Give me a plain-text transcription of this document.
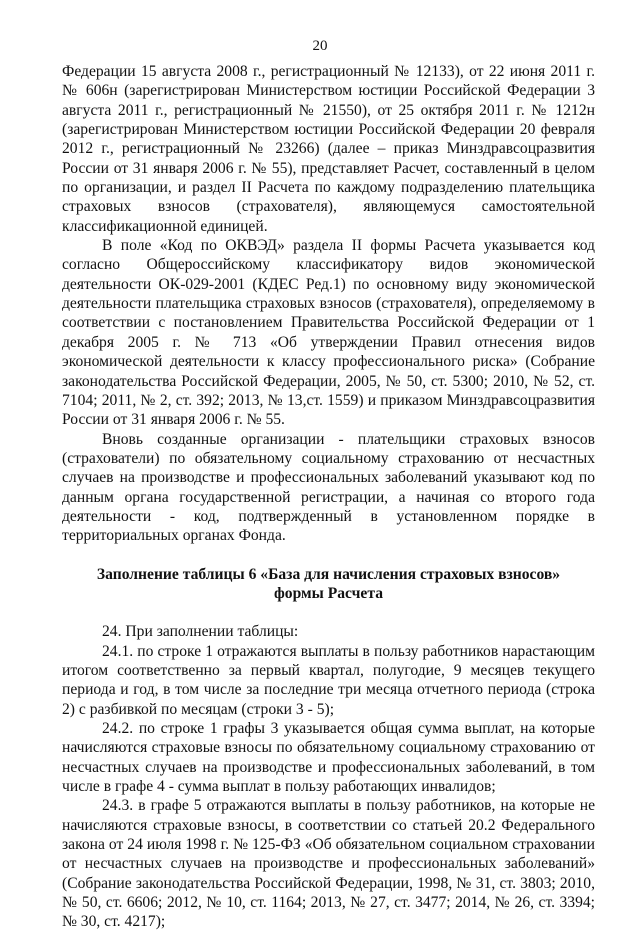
20

Федерации 15 августа 2008 г., регистрационный № 12133), от 22 июня 2011 г. № 606н (зарегистрирован Министерством юстиции Российской Федерации 3 августа 2011 г., регистрационный № 21550), от 25 октября 2011 г. № 1212н (зарегистрирован Министерством юстиции Российской Федерации 20 февраля 2012 г., регистрационный № 23266) (далее – приказ Минздравсоцразвития России от 31 января 2006 г. № 55), представляет Расчет, составленный в целом по организации, и раздел II Расчета по каждому подразделению плательщика страховых взносов (страхователя), являющемуся самостоятельной классификационной единицей.

В поле «Код по ОКВЭД» раздела II формы Расчета указывается код согласно Общероссийскому классификатору видов экономической деятельности ОК-029-2001 (КДЕС Ред.1) по основному виду экономической деятельности плательщика страховых взносов (страхователя), определяемому в соответствии с постановлением Правительства Российской Федерации от 1 декабря 2005 г. № 713 «Об утверждении Правил отнесения видов экономической деятельности к классу профессионального риска» (Собрание законодательства Российской Федерации, 2005, № 50, ст. 5300; 2010, № 52, ст. 7104; 2011, № 2, ст. 392; 2013, № 13,ст. 1559) и приказом Минздравсоцразвития России от 31 января 2006 г. № 55.

Вновь созданные организации - плательщики страховых взносов (страхователи) по обязательному социальному страхованию от несчастных случаев на производстве и профессиональных заболеваний указывают код по данным органа государственной регистрации, а начиная со второго года деятельности - код, подтвержденный в установленном порядке в территориальных органах Фонда.

Заполнение таблицы 6 «База для начисления страховых взносов»
формы Расчета

24. При заполнении таблицы:

24.1. по строке 1 отражаются выплаты в пользу работников нарастающим итогом соответственно за первый квартал, полугодие, 9 месяцев текущего периода и год, в том числе за последние три месяца отчетного периода (строка 2) с разбивкой по месяцам (строки 3 - 5);

24.2. по строке 1 графы 3 указывается общая сумма выплат, на которые начисляются страховые взносы по обязательному социальному страхованию от несчастных случаев на производстве и профессиональных заболеваний, в том числе в графе 4 - сумма выплат в пользу работающих инвалидов;

24.3. в графе 5 отражаются выплаты в пользу работников, на которые не начисляются страховые взносы, в соответствии со статьей 20.2 Федерального закона от 24 июля 1998 г. № 125-ФЗ «Об обязательном социальном страховании от несчастных случаев на производстве и профессиональных заболеваний» (Собрание законодательства Российской Федерации, 1998, № 31, ст. 3803; 2010, № 50, ст. 6606; 2012, № 10, ст. 1164; 2013, № 27, ст. 3477; 2014, № 26, ст. 3394; № 30, ст. 4217);
